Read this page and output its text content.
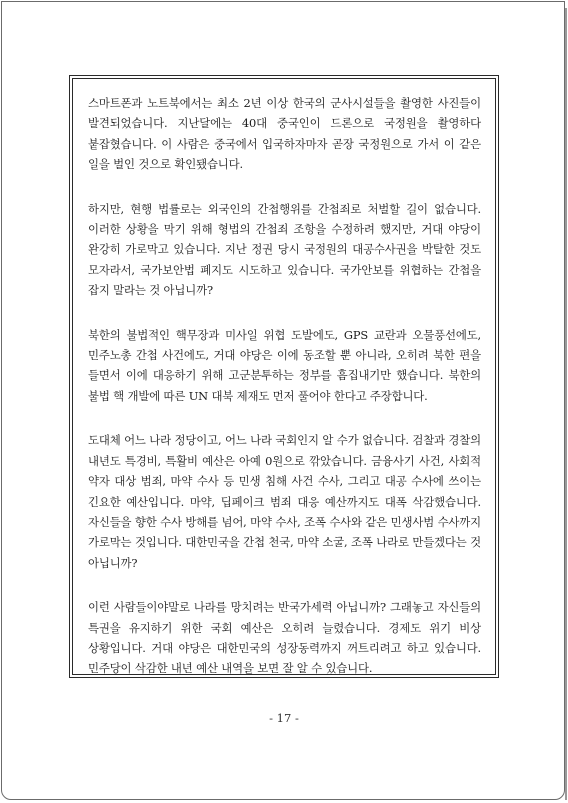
스마트폰과 노트북에서는 최소 2년 이상 한국의 군사시설들을 촬영한 사진들이 발견되었습니다. 지난달에는 40대 중국인이 드론으로 국정원을 촬영하다 붙잡혔습니다. 이 사람은 중국에서 입국하자마자 곧장 국정원으로 가서 이 같은 일을 벌인 것으로 확인됐습니다.

하지만, 현행 법률로는 외국인의 간첩행위를 간첩죄로 처벌할 길이 없습니다. 이러한 상황을 막기 위해 형법의 간첩죄 조항을 수정하려 했지만, 거대 야당이 완강히 가로막고 있습니다. 지난 정권 당시 국정원의 대공수사권을 박탈한 것도 모자라서, 국가보안법 폐지도 시도하고 있습니다. 국가안보를 위협하는 간첩을 잡지 말라는 것 아닙니까?

북한의 불법적인 핵무장과 미사일 위협 도발에도, GPS 교란과 오물풍선에도, 민주노총 간첩 사건에도, 거대 야당은 이에 동조할 뿐 아니라, 오히려 북한 편을 들면서 이에 대응하기 위해 고군분투하는 정부를 흠집내기만 했습니다. 북한의 불법 핵 개발에 따른 UN 대북 제재도 먼저 풀어야 한다고 주장합니다.

도대체 어느 나라 정당이고, 어느 나라 국회인지 알 수가 없습니다. 검찰과 경찰의 내년도 특경비, 특활비 예산은 아예 0원으로 깎았습니다. 금융사기 사건, 사회적 약자 대상 범죄, 마약 수사 등 민생 침해 사건 수사, 그리고 대공 수사에 쓰이는 긴요한 예산입니다. 마약, 딥페이크 범죄 대응 예산까지도 대폭 삭감했습니다. 자신들을 향한 수사 방해를 넘어, 마약 수사, 조폭 수사와 같은 민생사범 수사까지 가로막는 것입니다. 대한민국을 간첩 천국, 마약 소굴, 조폭 나라로 만들겠다는 것 아닙니까?

이런 사람들이야말로 나라를 망치려는 반국가세력 아닙니까? 그래놓고 자신들의 특권을 유지하기 위한 국회 예산은 오히려 늘렸습니다. 경제도 위기 비상 상황입니다. 거대 야당은 대한민국의 성장동력까지 꺼트리려고 하고 있습니다. 민주당이 삭감한 내년 예산 내역을 보면 잘 알 수 있습니다.

- 17 -
